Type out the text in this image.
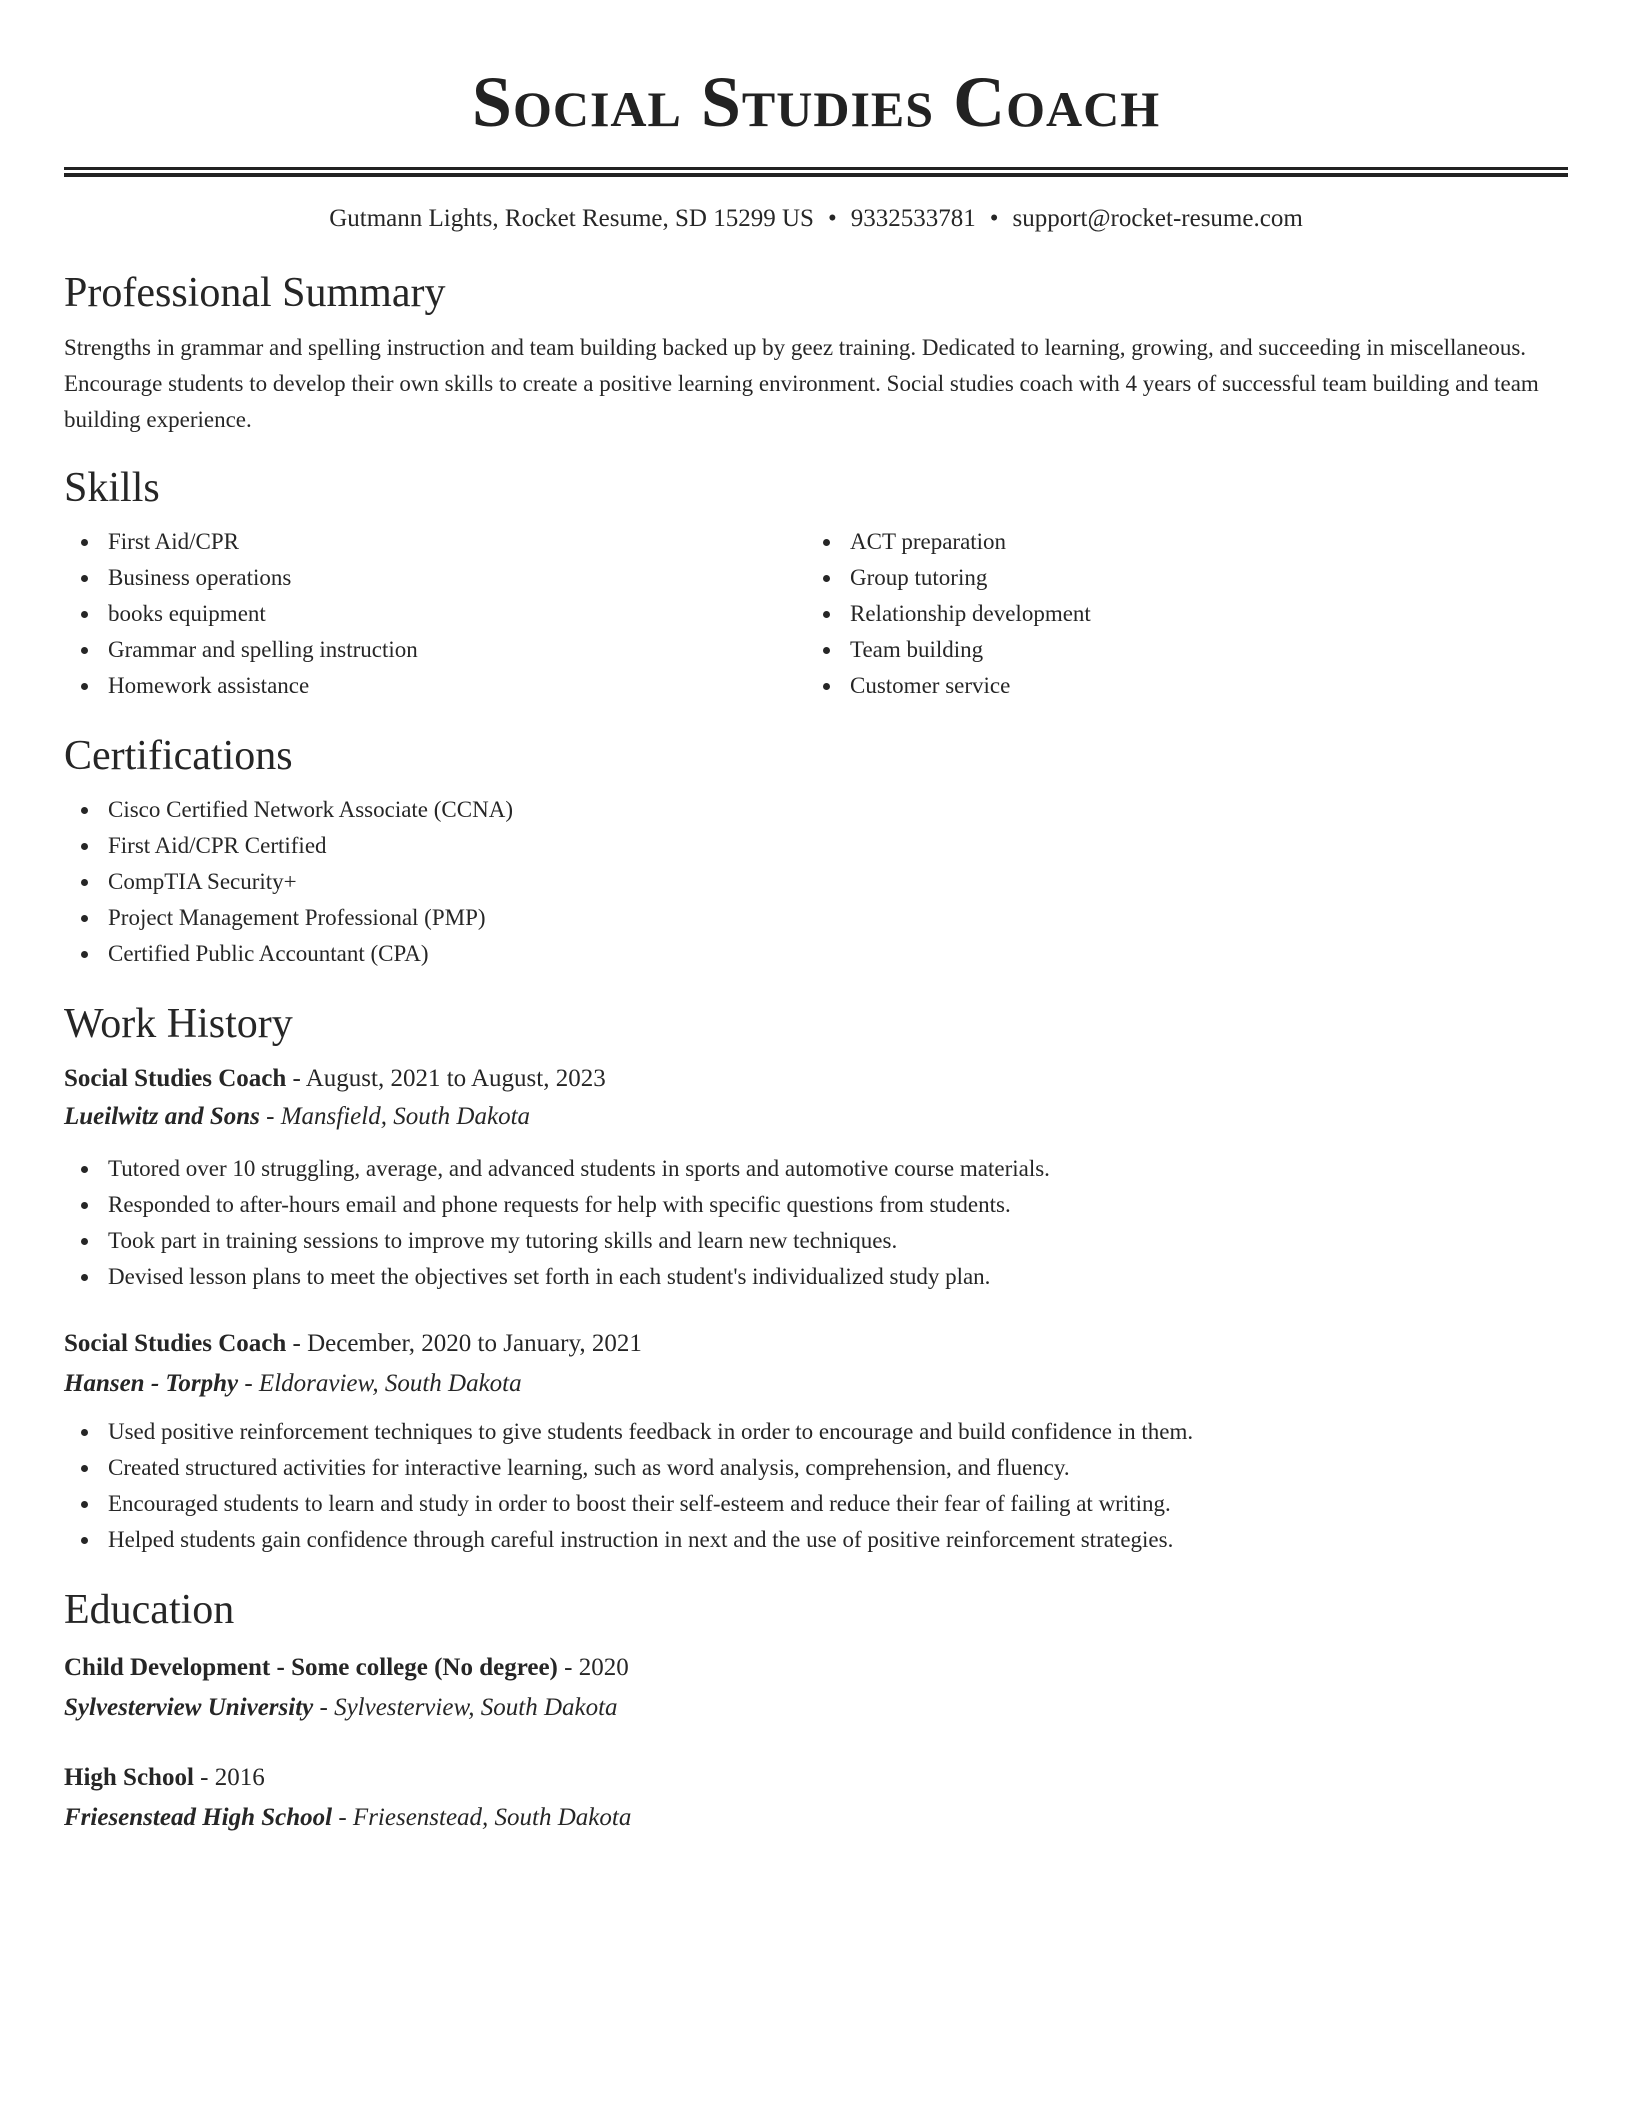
Social Studies Coach
Gutmann Lights, Rocket Resume, SD 15299 US • 9332533781 • support@rocket-resume.com
Professional Summary

Strengths in grammar and spelling instruction and team building backed up by geez training. Dedicated to learning, growing, and succeeding in miscellaneous. Encourage students to develop their own skills to create a positive learning environment. Social studies coach with 4 years of successful team building and team building experience.

Skills
First Aid/CPR
Business operations
books equipment
Grammar and spelling instruction
Homework assistance
ACT preparation
Group tutoring
Relationship development
Team building
Customer service
Certifications
Cisco Certified Network Associate (CCNA)
First Aid/CPR Certified
CompTIA Security+
Project Management Professional (PMP)
Certified Public Accountant (CPA)
Work History

Social Studies Coach - August, 2021 to August, 2023

Lueilwitz and Sons - Mansfield, South Dakota

Tutored over 10 struggling, average, and advanced students in sports and automotive course materials.
Responded to after-hours email and phone requests for help with specific questions from students.
Took part in training sessions to improve my tutoring skills and learn new techniques.
Devised lesson plans to meet the objectives set forth in each student's individualized study plan.

Social Studies Coach - December, 2020 to January, 2021

Hansen - Torphy - Eldoraview, South Dakota

Used positive reinforcement techniques to give students feedback in order to encourage and build confidence in them.
Created structured activities for interactive learning, such as word analysis, comprehension, and fluency.
Encouraged students to learn and study in order to boost their self-esteem and reduce their fear of failing at writing.
Helped students gain confidence through careful instruction in next and the use of positive reinforcement strategies.
Education

Child Development - Some college (No degree) - 2020

Sylvesterview University - Sylvesterview, South Dakota

High School - 2016

Friesenstead High School - Friesenstead, South Dakota
